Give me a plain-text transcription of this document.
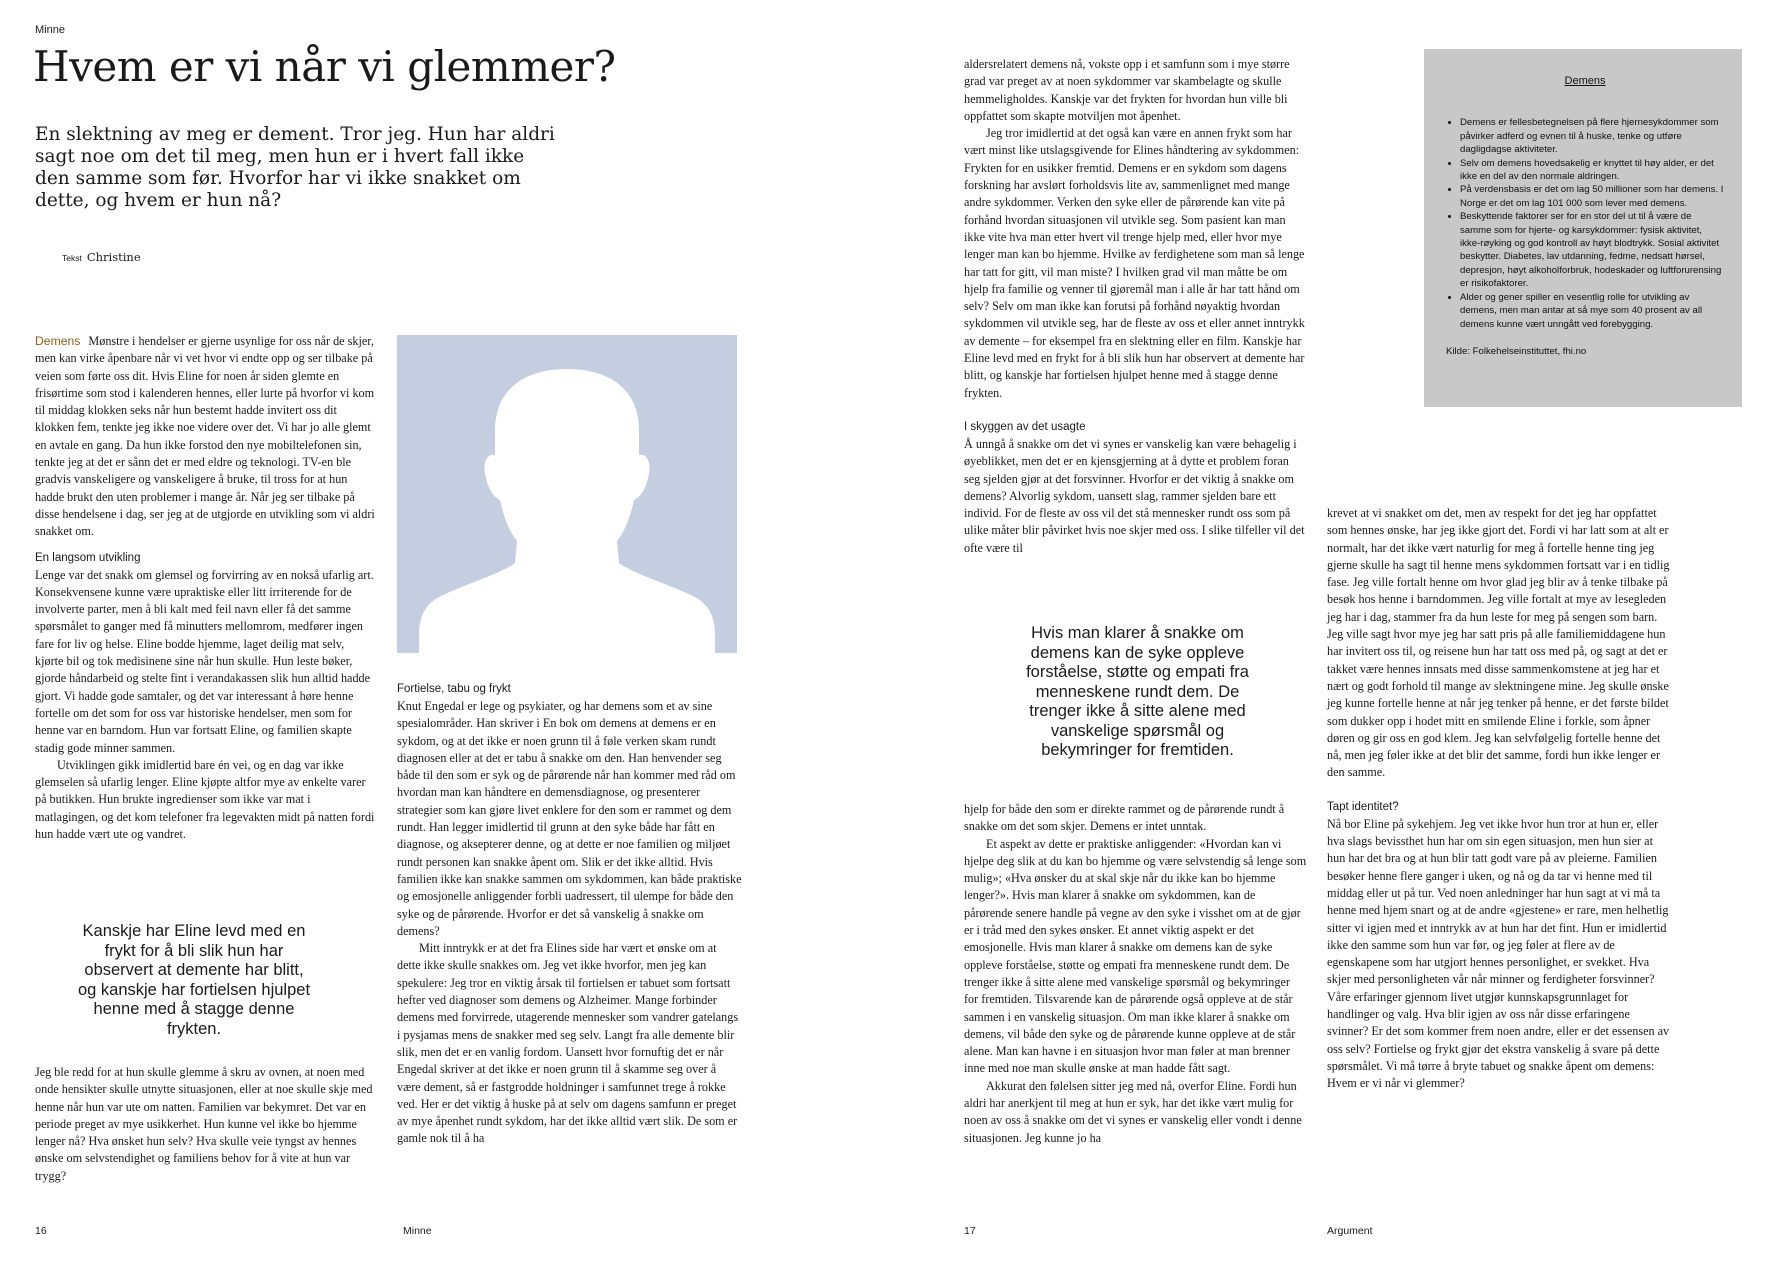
Minne
Hvem er vi når vi glemmer?
En slektning av meg er dement. Tror jeg. Hun har aldri sagt noe om det til meg, men hun er i hvert fall ikke den samme som før. Hvorfor har vi ikke snakket om dette, og hvem er hun nå?
Tekst Christine

Demens Mønstre i hendelser er gjerne usynlige for oss når de skjer, men kan virke åpenbare når vi vet hvor vi endte opp og ser tilbake på veien som førte oss dit. Hvis Eline for noen år siden glemte en frisørtime som stod i kalenderen hennes, eller lurte på hvorfor vi kom til middag klokken seks når hun bestemt hadde invitert oss dit klokken fem, tenkte jeg ikke noe videre over det. Vi har jo alle glemt en avtale en gang. Da hun ikke forstod den nye mobiltelefonen sin, tenkte jeg at det er sånn det er med eldre og teknologi. TV-en ble gradvis vanskeligere og vanskeligere å bruke, til tross for at hun hadde brukt den uten problemer i mange år. Når jeg ser tilbake på disse hendelsene i dag, ser jeg at de utgjorde en utvikling som vi aldri snakket om.

En langsom utvikling

Lenge var det snakk om glemsel og forvirring av en nokså ufarlig art. Konsekvensene kunne være upraktiske eller litt irriterende for de involverte parter, men å bli kalt med feil navn eller få det samme spørsmålet to ganger med få minutters mellomrom, medfører ingen fare for liv og helse. Eline bodde hjemme, laget deilig mat selv, kjørte bil og tok medisinene sine når hun skulle. Hun leste bøker, gjorde håndarbeid og stelte fint i verandakassen slik hun alltid hadde gjort. Vi hadde gode samtaler, og det var interessant å høre henne fortelle om det som for oss var historiske hendelser, men som for henne var en barndom. Hun var fortsatt Eline, og familien skapte stadig gode minner sammen.

Utviklingen gikk imidlertid bare én vei, og en dag var ikke glemselen så ufarlig lenger. Eline kjøpte altfor mye av enkelte varer på butikken. Hun brukte ingredienser som ikke var mat i matlagingen, og det kom telefoner fra legevakten midt på natten fordi hun hadde vært ute og vandret.

Kanskje har Eline levd med en frykt for å bli slik hun har observert at demente har blitt, og kanskje har fortielsen hjulpet henne med å stagge denne frykten.

Jeg ble redd for at hun skulle glemme å skru av ovnen, at noen med onde hensikter skulle utnytte situasjonen, eller at noe skulle skje med henne når hun var ute om natten. Familien var bekymret. Det var en periode preget av mye usikkerhet. Hun kunne vel ikke bo hjemme lenger nå? Hva ønsket hun selv? Hva skulle veie tyngst av hennes ønske om selvstendighet og familiens behov for å vite at hun var trygg?

Fortielse, tabu og frykt

Knut Engedal er lege og psykiater, og har demens som et av sine spesialområder. Han skriver i En bok om demens at demens er en sykdom, og at det ikke er noen grunn til å føle verken skam rundt diagnosen eller at det er tabu å snakke om den. Han henvender seg både til den som er syk og de pårørende når han kommer med råd om hvordan man kan håndtere en demensdiagnose, og presenterer strategier som kan gjøre livet enklere for den som er rammet og dem rundt. Han legger imidlertid til grunn at den syke både har fått en diagnose, og aksepterer denne, og at dette er noe familien og miljøet rundt personen kan snakke åpent om. Slik er det ikke alltid. Hvis familien ikke kan snakke sammen om sykdommen, kan både praktiske og emosjonelle anliggender forbli uadressert, til ulempe for både den syke og de pårørende. Hvorfor er det så vanskelig å snakke om demens?

Mitt inntrykk er at det fra Elines side har vært et ønske om at dette ikke skulle snakkes om. Jeg vet ikke hvorfor, men jeg kan spekulere: Jeg tror en viktig årsak til fortielsen er tabuet som fortsatt hefter ved diagnoser som demens og Alzheimer. Mange forbinder demens med forvirrede, utagerende mennesker som vandrer gatelangs i pysjamas mens de snakker med seg selv. Langt fra alle demente blir slik, men det er en vanlig fordom. Uansett hvor fornuftig det er når Engedal skriver at det ikke er noen grunn til å skamme seg over å være dement, så er fastgrodde holdninger i samfunnet trege å rokke ved. Her er det viktig å huske på at selv om dagens samfunn er preget av mye åpenhet rundt sykdom, har det ikke alltid vært slik. De som er gamle nok til å ha

16	Minne

aldersrelatert demens nå, vokste opp i et samfunn som i mye større grad var preget av at noen sykdommer var skambelagte og skulle hemmeligholdes. Kanskje var det frykten for hvordan hun ville bli oppfattet som skapte motviljen mot åpenhet.

Jeg tror imidlertid at det også kan være en annen frykt som har vært minst like utslagsgivende for Elines håndtering av sykdommen: Frykten for en usikker fremtid. Demens er en sykdom som dagens forskning har avslørt forholdsvis lite av, sammenlignet med mange andre sykdommer. Verken den syke eller de pårørende kan vite på forhånd hvordan situasjonen vil utvikle seg. Som pasient kan man ikke vite hva man etter hvert vil trenge hjelp med, eller hvor mye lenger man kan bo hjemme. Hvilke av ferdighetene som man så lenge har tatt for gitt, vil man miste? I hvilken grad vil man måtte be om hjelp fra familie og venner til gjøremål man i alle år har tatt hånd om selv? Selv om man ikke kan forutsi på forhånd nøyaktig hvordan sykdommen vil utvikle seg, har de fleste av oss et eller annet inntrykk av demente – for eksempel fra en slektning eller en film. Kanskje har Eline levd med en frykt for å bli slik hun har observert at demente har blitt, og kanskje har fortielsen hjulpet henne med å stagge denne frykten.

I skyggen av det usagte

Å unngå å snakke om det vi synes er vanskelig kan være behagelig i øyeblikket, men det er en kjensgjerning at å dytte et problem foran seg sjelden gjør at det forsvinner. Hvorfor er det viktig å snakke om demens? Alvorlig sykdom, uansett slag, rammer sjelden bare ett individ. For de fleste av oss vil det stå mennesker rundt oss som på ulike måter blir påvirket hvis noe skjer med oss. I slike tilfeller vil det ofte være til

Hvis man klarer å snakke om demens kan de syke oppleve forståelse, støtte og empati fra menneskene rundt dem. De trenger ikke å sitte alene med vanskelige spørsmål og bekymringer for fremtiden.

hjelp for både den som er direkte rammet og de pårørende rundt å snakke om det som skjer. Demens er intet unntak.

Et aspekt av dette er praktiske anliggender: «Hvordan kan vi hjelpe deg slik at du kan bo hjemme og være selvstendig så lenge som mulig»; «Hva ønsker du at skal skje når du ikke kan bo hjemme lenger?». Hvis man klarer å snakke om sykdommen, kan de pårørende senere handle på vegne av den syke i visshet om at de gjør er i tråd med den sykes ønsker. Et annet viktig aspekt er det emosjonelle. Hvis man klarer å snakke om demens kan de syke oppleve forståelse, støtte og empati fra menneskene rundt dem. De trenger ikke å sitte alene med vanskelige spørsmål og bekymringer for fremtiden. Tilsvarende kan de pårørende også oppleve at de står sammen i en vanskelig situasjon. Om man ikke klarer å snakke om demens, vil både den syke og de pårørende kunne oppleve at de står alene. Man kan havne i en situasjon hvor man føler at man brenner inne med noe man skulle ønske at man hadde fått sagt.

Akkurat den følelsen sitter jeg med nå, overfor Eline. Fordi hun aldri har anerkjent til meg at hun er syk, har det ikke vært mulig for noen av oss å snakke om det vi synes er vanskelig eller vondt i denne situasjonen. Jeg kunne jo ha

krevet at vi snakket om det, men av respekt for det jeg har oppfattet som hennes ønske, har jeg ikke gjort det. Fordi vi har latt som at alt er normalt, har det ikke vært naturlig for meg å fortelle henne ting jeg gjerne skulle ha sagt til henne mens sykdommen fortsatt var i en tidlig fase. Jeg ville fortalt henne om hvor glad jeg blir av å tenke tilbake på besøk hos henne i barndommen. Jeg ville fortalt at mye av lesegleden jeg har i dag, stammer fra da hun leste for meg på sengen som barn. Jeg ville sagt hvor mye jeg har satt pris på alle familiemiddagene hun har invitert oss til, og reisene hun har tatt oss med på, og sagt at det er takket være hennes innsats med disse sammenkomstene at jeg har et nært og godt forhold til mange av slektningene mine. Jeg skulle ønske jeg kunne fortelle henne at når jeg tenker på henne, er det første bildet som dukker opp i hodet mitt en smilende Eline i forkle, som åpner døren og gir oss en god klem. Jeg kan selvfølgelig fortelle henne det nå, men jeg føler ikke at det blir det samme, fordi hun ikke lenger er den samme.

Tapt identitet?

Nå bor Eline på sykehjem. Jeg vet ikke hvor hun tror at hun er, eller hva slags bevissthet hun har om sin egen situasjon, men hun sier at hun har det bra og at hun blir tatt godt vare på av pleierne. Familien besøker henne flere ganger i uken, og nå og da tar vi henne med til middag eller ut på tur. Ved noen anledninger har hun sagt at vi må ta henne med hjem snart og at de andre «gjestene» er rare, men helhetlig sitter vi igjen med et inntrykk av at hun har det fint. Hun er imidlertid ikke den samme som hun var før, og jeg føler at flere av de egenskapene som har utgjort hennes personlighet, er svekket. Hva skjer med personligheten vår når minner og ferdigheter forsvinner? Våre erfaringer gjennom livet utgjør kunnskapsgrunnlaget for handlinger og valg. Hva blir igjen av oss når disse erfaringene svinner? Er det som kommer frem noen andre, eller er det essensen av oss selv? Fortielse og frykt gjør det ekstra vanskelig å svare på dette spørsmålet. Vi må tørre å bryte tabuet og snakke åpent om demens: Hvem er vi når vi glemmer?

Demens
• Demens er fellesbetegnelsen på flere hjernesykdommer som påvirker adferd og evnen til å huske, tenke og utføre dagligdagse aktiviteter.
• Selv om demens hovedsakelig er knyttet til høy alder, er det ikke en del av den normale aldringen.
• På verdensbasis er det om lag 50 millioner som har demens. I Norge er det om lag 101 000 som lever med demens.
• Beskyttende faktorer ser for en stor del ut til å være de samme som for hjerte- og karsykdommer: fysisk aktivitet, ikke-røyking og god kontroll av høyt blodtrykk. Sosial aktivitet beskytter. Diabetes, lav utdanning, fedme, nedsatt hørsel, depresjon, høyt alkoholforbruk, hodeskader og luftforurensing er risikofaktorer.
• Alder og gener spiller en vesentlig rolle for utvikling av demens, men man antar at så mye som 40 prosent av all demens kunne vært unngått ved forebygging.
Kilde: Folkehelseinstituttet, fhi.no
17	Argument
